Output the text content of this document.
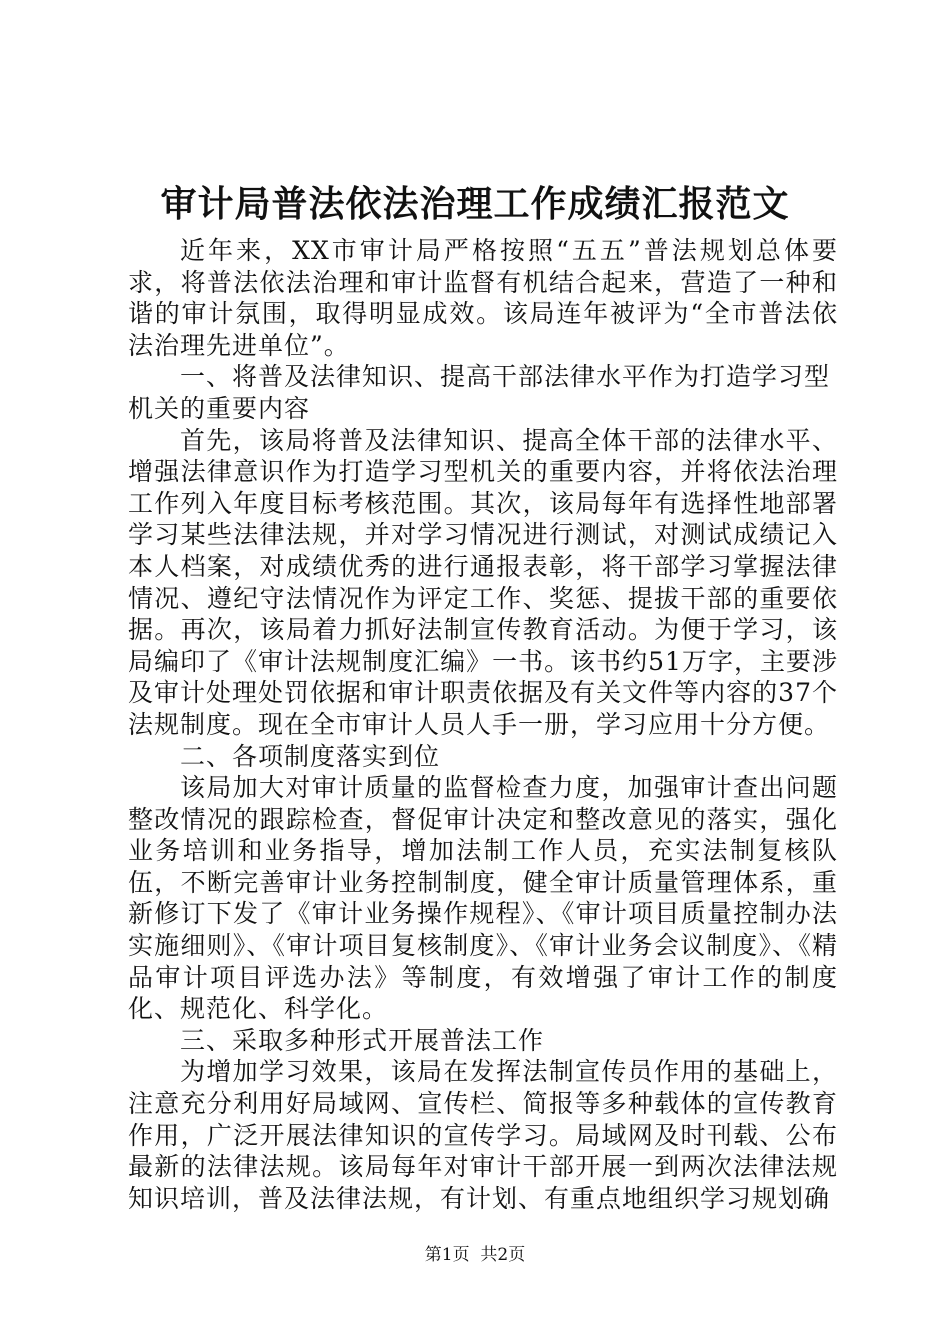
审计局普法依法治理工作成绩汇报范文

近年来，XX市审计局严格按照“五五”普法规划总体要求，将普法依法治理和审计监督有机结合起来，营造了一种和谐的审计氛围，取得明显成效。该局连年被评为“全市普法依法治理先进单位”。

一、将普及法律知识、提高干部法律水平作为打造学习型机关的重要内容

首先，该局将普及法律知识、提高全体干部的法律水平、增强法律意识作为打造学习型机关的重要内容，并将依法治理工作列入年度目标考核范围。其次，该局每年有选择性地部署学习某些法律法规，并对学习情况进行测试，对测试成绩记入本人档案，对成绩优秀的进行通报表彰，将干部学习掌握法律情况、遵纪守法情况作为评定工作、奖惩、提拔干部的重要依据。再次，该局着力抓好法制宣传教育活动。为便于学习，该局编印了《审计法规制度汇编》一书。该书约51万字，主要涉及审计处理处罚依据和审计职责依据及有关文件等内容的37个法规制度。现在全市审计人员人手一册，学习应用十分方便。

二、各项制度落实到位

该局加大对审计质量的监督检查力度，加强审计查出问题整改情况的跟踪检查，督促审计决定和整改意见的落实，强化业务培训和业务指导，增加法制工作人员，充实法制复核队伍，不断完善审计业务控制制度，健全审计质量管理体系，重新修订下发了《审计业务操作规程》、《审计项目质量控制办法实施细则》、《审计项目复核制度》、《审计业务会议制度》、《精品审计项目评选办法》等制度，有效增强了审计工作的制度化、规范化、科学化。

三、采取多种形式开展普法工作

为增加学习效果，该局在发挥法制宣传员作用的基础上，注意充分利用好局域网、宣传栏、简报等多种载体的宣传教育作用，广泛开展法律知识的宣传学习。局域网及时刊载、公布最新的法律法规。该局每年对审计干部开展一到两次法律法规知识培训，普及法律法规，有计划、有重点地组织学习规划确

第1页  共2页
